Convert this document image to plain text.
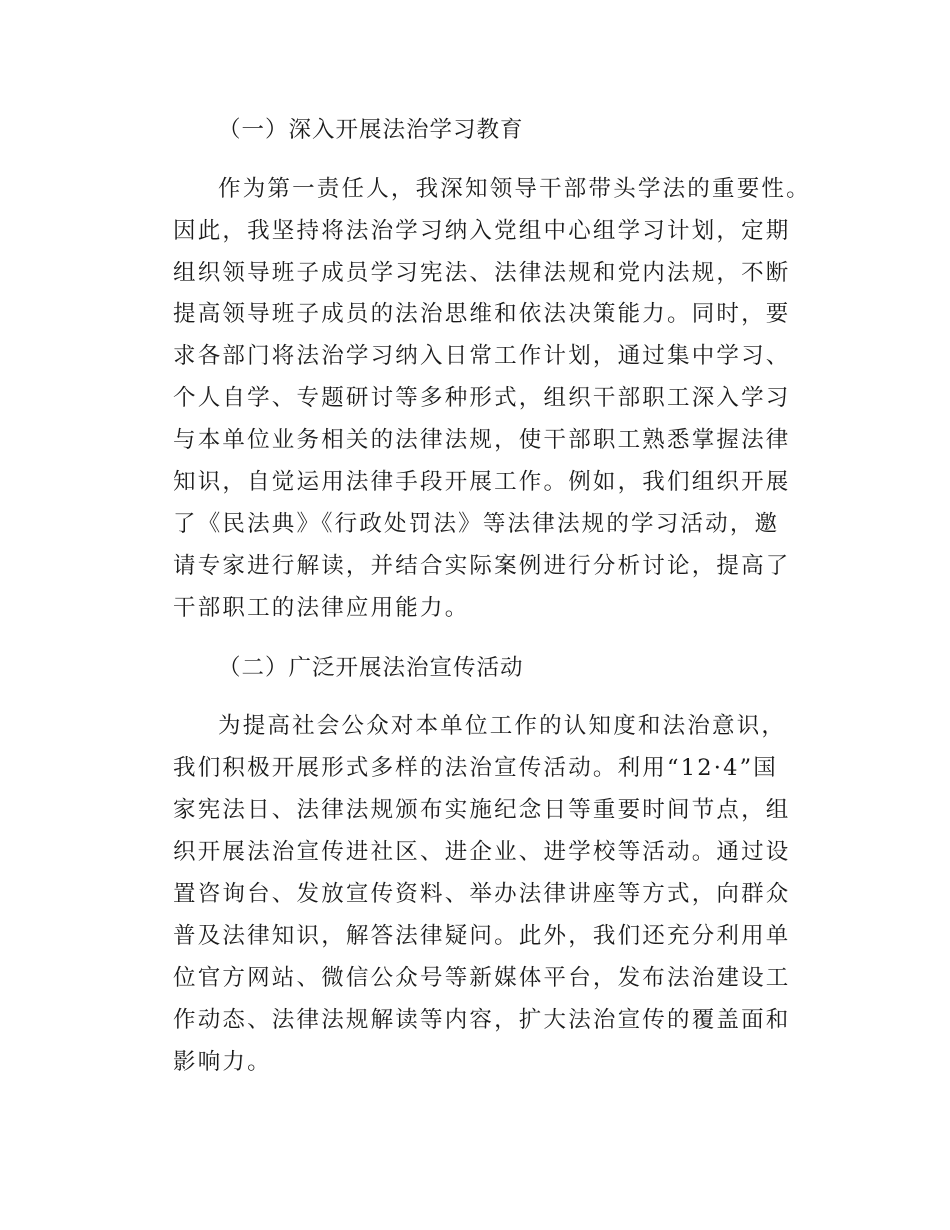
（一）深入开展法治学习教育
作为第一责任人，我深知领导干部带头学法的重要性。
因此，我坚持将法治学习纳入党组中心组学习计划，定期
组织领导班子成员学习宪法、法律法规和党内法规，不断
提高领导班子成员的法治思维和依法决策能力。同时，要
求各部门将法治学习纳入日常工作计划，通过集中学习、
个人自学、专题研讨等多种形式，组织干部职工深入学习
与本单位业务相关的法律法规，使干部职工熟悉掌握法律
知识，自觉运用法律手段开展工作。例如，我们组织开展
了《民法典》《行政处罚法》等法律法规的学习活动，邀
请专家进行解读，并结合实际案例进行分析讨论，提高了
干部职工的法律应用能力。
（二）广泛开展法治宣传活动
为提高社会公众对本单位工作的认知度和法治意识，
我们积极开展形式多样的法治宣传活动。利用“12·4”国
家宪法日、法律法规颁布实施纪念日等重要时间节点，组
织开展法治宣传进社区、进企业、进学校等活动。通过设
置咨询台、发放宣传资料、举办法律讲座等方式，向群众
普及法律知识，解答法律疑问。此外，我们还充分利用单
位官方网站、微信公众号等新媒体平台，发布法治建设工
作动态、法律法规解读等内容，扩大法治宣传的覆盖面和
影响力。
